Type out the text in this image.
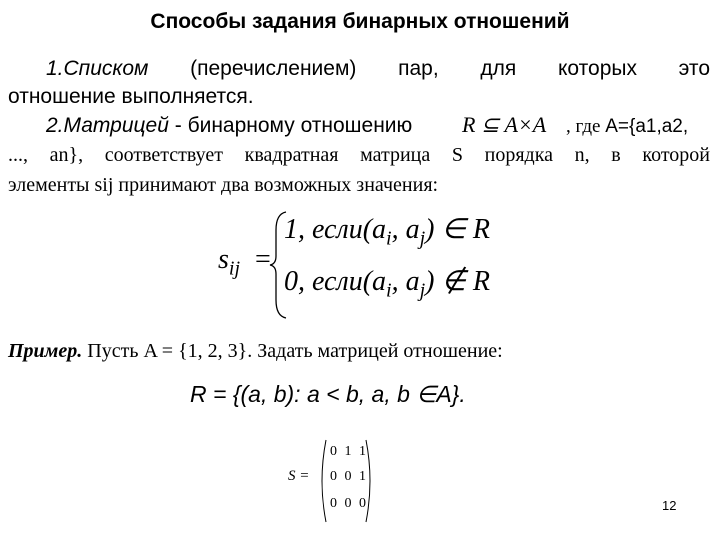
Способы задания бинарных отношений
1.Списком (перечислением) пар, для которых это
отношение выполняется.
2.Матрицей - бинарному отношению R ⊆ A×A , где A={a1,a2,
..., an}, соответствует квадратная матрица S порядка n, в которой
элементы sij принимают два возможных значения:
$s_{ij}$ =
1, $если(a_i$, $a_j$) ∈ R
0, $если(a_i$, $a_j$) ∉ R
Пример. Пусть A = {1, 2, 3}. Задать матрицей отношение:
R = {(a, b): a < b, a, b ∈A}.
S =
0 1 1
0 0 1
0 0 0	12
